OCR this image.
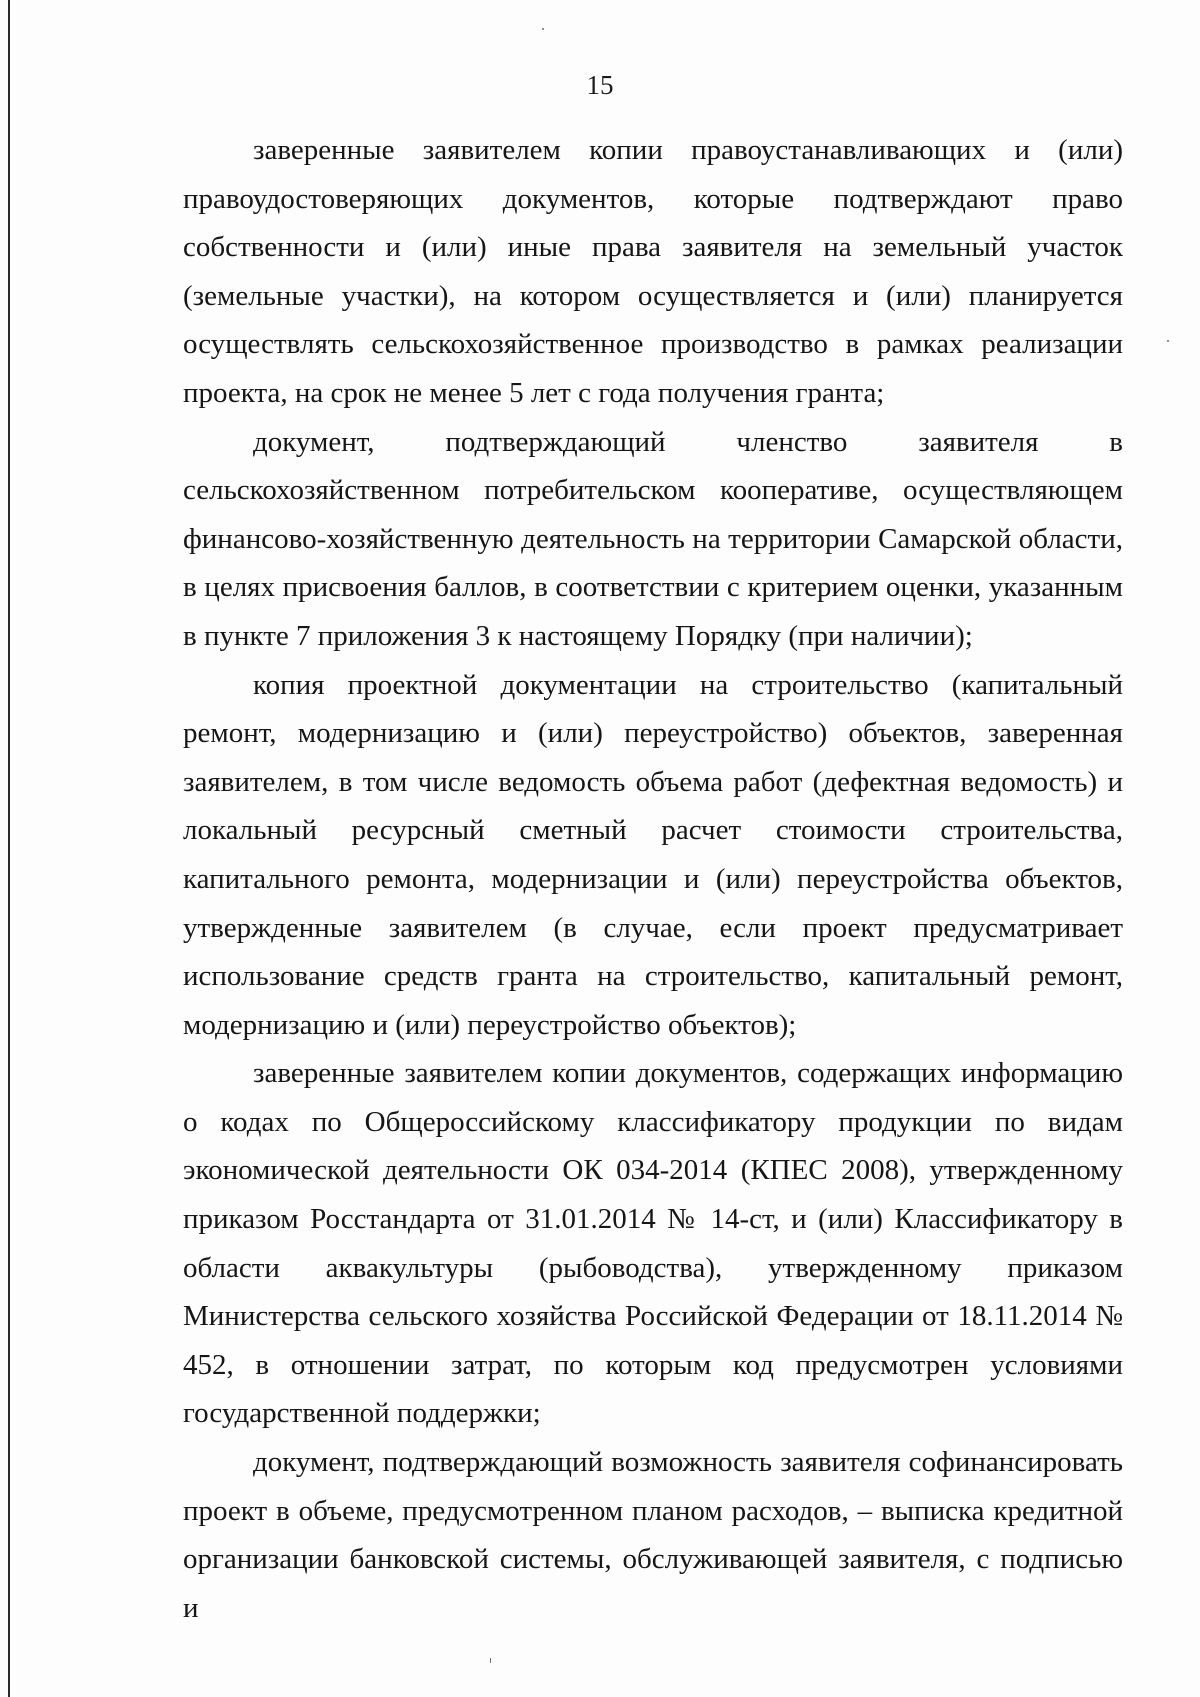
15

заверенные заявителем копии правоустанавливающих и (или) правоудостоверяющих документов, которые подтверждают право собственности и (или) иные права заявителя на земельный участок (земельные участки), на котором осуществляется и (или) планируется осуществлять сельскохозяйственное производство в рамках реализации проекта, на срок не менее 5 лет с года получения гранта;

документ, подтверждающий членство заявителя в сельскохозяйственном потребительском кооперативе, осуществляющем финансово-хозяйственную деятельность на территории Самарской области, в целях присвоения баллов, в соответствии с критерием оценки, указанным в пункте 7 приложения 3 к настоящему Порядку (при наличии);

копия проектной документации на строительство (капитальный ремонт, модернизацию и (или) переустройство) объектов, заверенная заявителем, в том числе ведомость объема работ (дефектная ведомость) и локальный ресурсный сметный расчет стоимости строительства, капитального ремонта, модернизации и (или) переустройства объектов, утвержденные заявителем (в случае, если проект предусматривает использование средств гранта на строительство, капитальный ремонт, модернизацию и (или) переустройство объектов);

заверенные заявителем копии документов, содержащих информацию о кодах по Общероссийскому классификатору продукции по видам экономической деятельности ОК 034-2014 (КПЕС 2008), утвержденному приказом Росстандарта от 31.01.2014 № 14-ст, и (или) Классификатору в области аквакультуры (рыбоводства), утвержденному приказом Министерства сельского хозяйства Российской Федерации от 18.11.2014 № 452, в отношении затрат, по которым код предусмотрен условиями государственной поддержки;

документ, подтверждающий возможность заявителя софинансировать проект в объеме, предусмотренном планом расходов, – выписка кредитной организации банковской системы, обслуживающей заявителя, с подписью и
